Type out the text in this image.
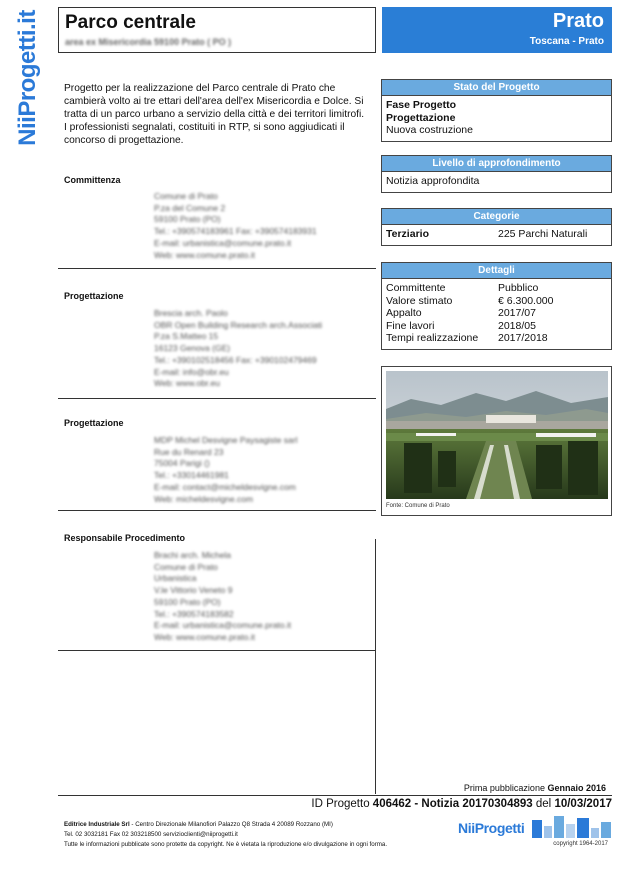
NiiProgetti.it Parco centrale
area ex Misericordia 59100 Prato ( PO )
Prato
Toscana - Prato
Progetto per la realizzazione del Parco centrale di Prato che cambierà volto ai tre ettari dell'area dell'ex Misericordia e Dolce. Si tratta di un parco urbano a servizio della città e dei territori limitrofi. I professionisti segnalati, costituiti in RTP, si sono aggiudicati il concorso di progettazione.
Committenza
Comune di Prato
P.za del Comune 2
59100 Prato (PO)
Tel.: +390574183961 Fax: +390574183931
E-mail: urbanistica@comune.prato.it
Web: www.comune.prato.it
Progettazione
Brescia arch. Paolo
OBR Open Building Research arch.Associati
P.za S.Matteo 15
16123 Genova (GE)
Tel.: +390102518456 Fax: +390102479469
E-mail: info@obr.eu
Web: www.obr.eu
Progettazione
MDP Michel Desvigne Paysagiste sarl
Rue du Renard 23
75004 Parigi ()
Tel.: +33014461981
E-mail: contact@micheldesvigne.com
Web: micheldesvigne.com
Responsabile Procedimento
Brachi arch. Michela
Comune di Prato
Urbanistica
V.le Vittorio Veneto 9
59100 Prato (PO)
Tel.: +390574183582
E-mail: urbanistica@comune.prato.it
Web: www.comune.prato.it
Stato del Progetto
Fase Progetto
Progettazione
Nuova costruzione
Livello di approfondimento
Notizia approfondita
Categorie
Terziario	225 Parchi Naturali
Dettagli
Committente	Pubblico
Valore stimato	€ 6.300.000
Appalto	2017/07
Fine lavori	2018/05
Tempi realizzazione	2017/2018
Fonte: Comune di Prato
Prima pubblicazione Gennaio 2016
ID Progetto 406462 - Notizia 20170304893 del 10/03/2017
Editrice Industriale Srl - Centro Direzionale Milanofiori Palazzo Q8 Strada 4 20089 Rozzano (MI)
Tel. 02 3032181 Fax 02 303218500 servizioclienti@niiprogetti.it
Tutte le informazioni pubblicate sono protette da copyright. Ne è vietata la riproduzione e/o divulgazione in ogni forma.
NiiProgetti
copyright 1964-2017
